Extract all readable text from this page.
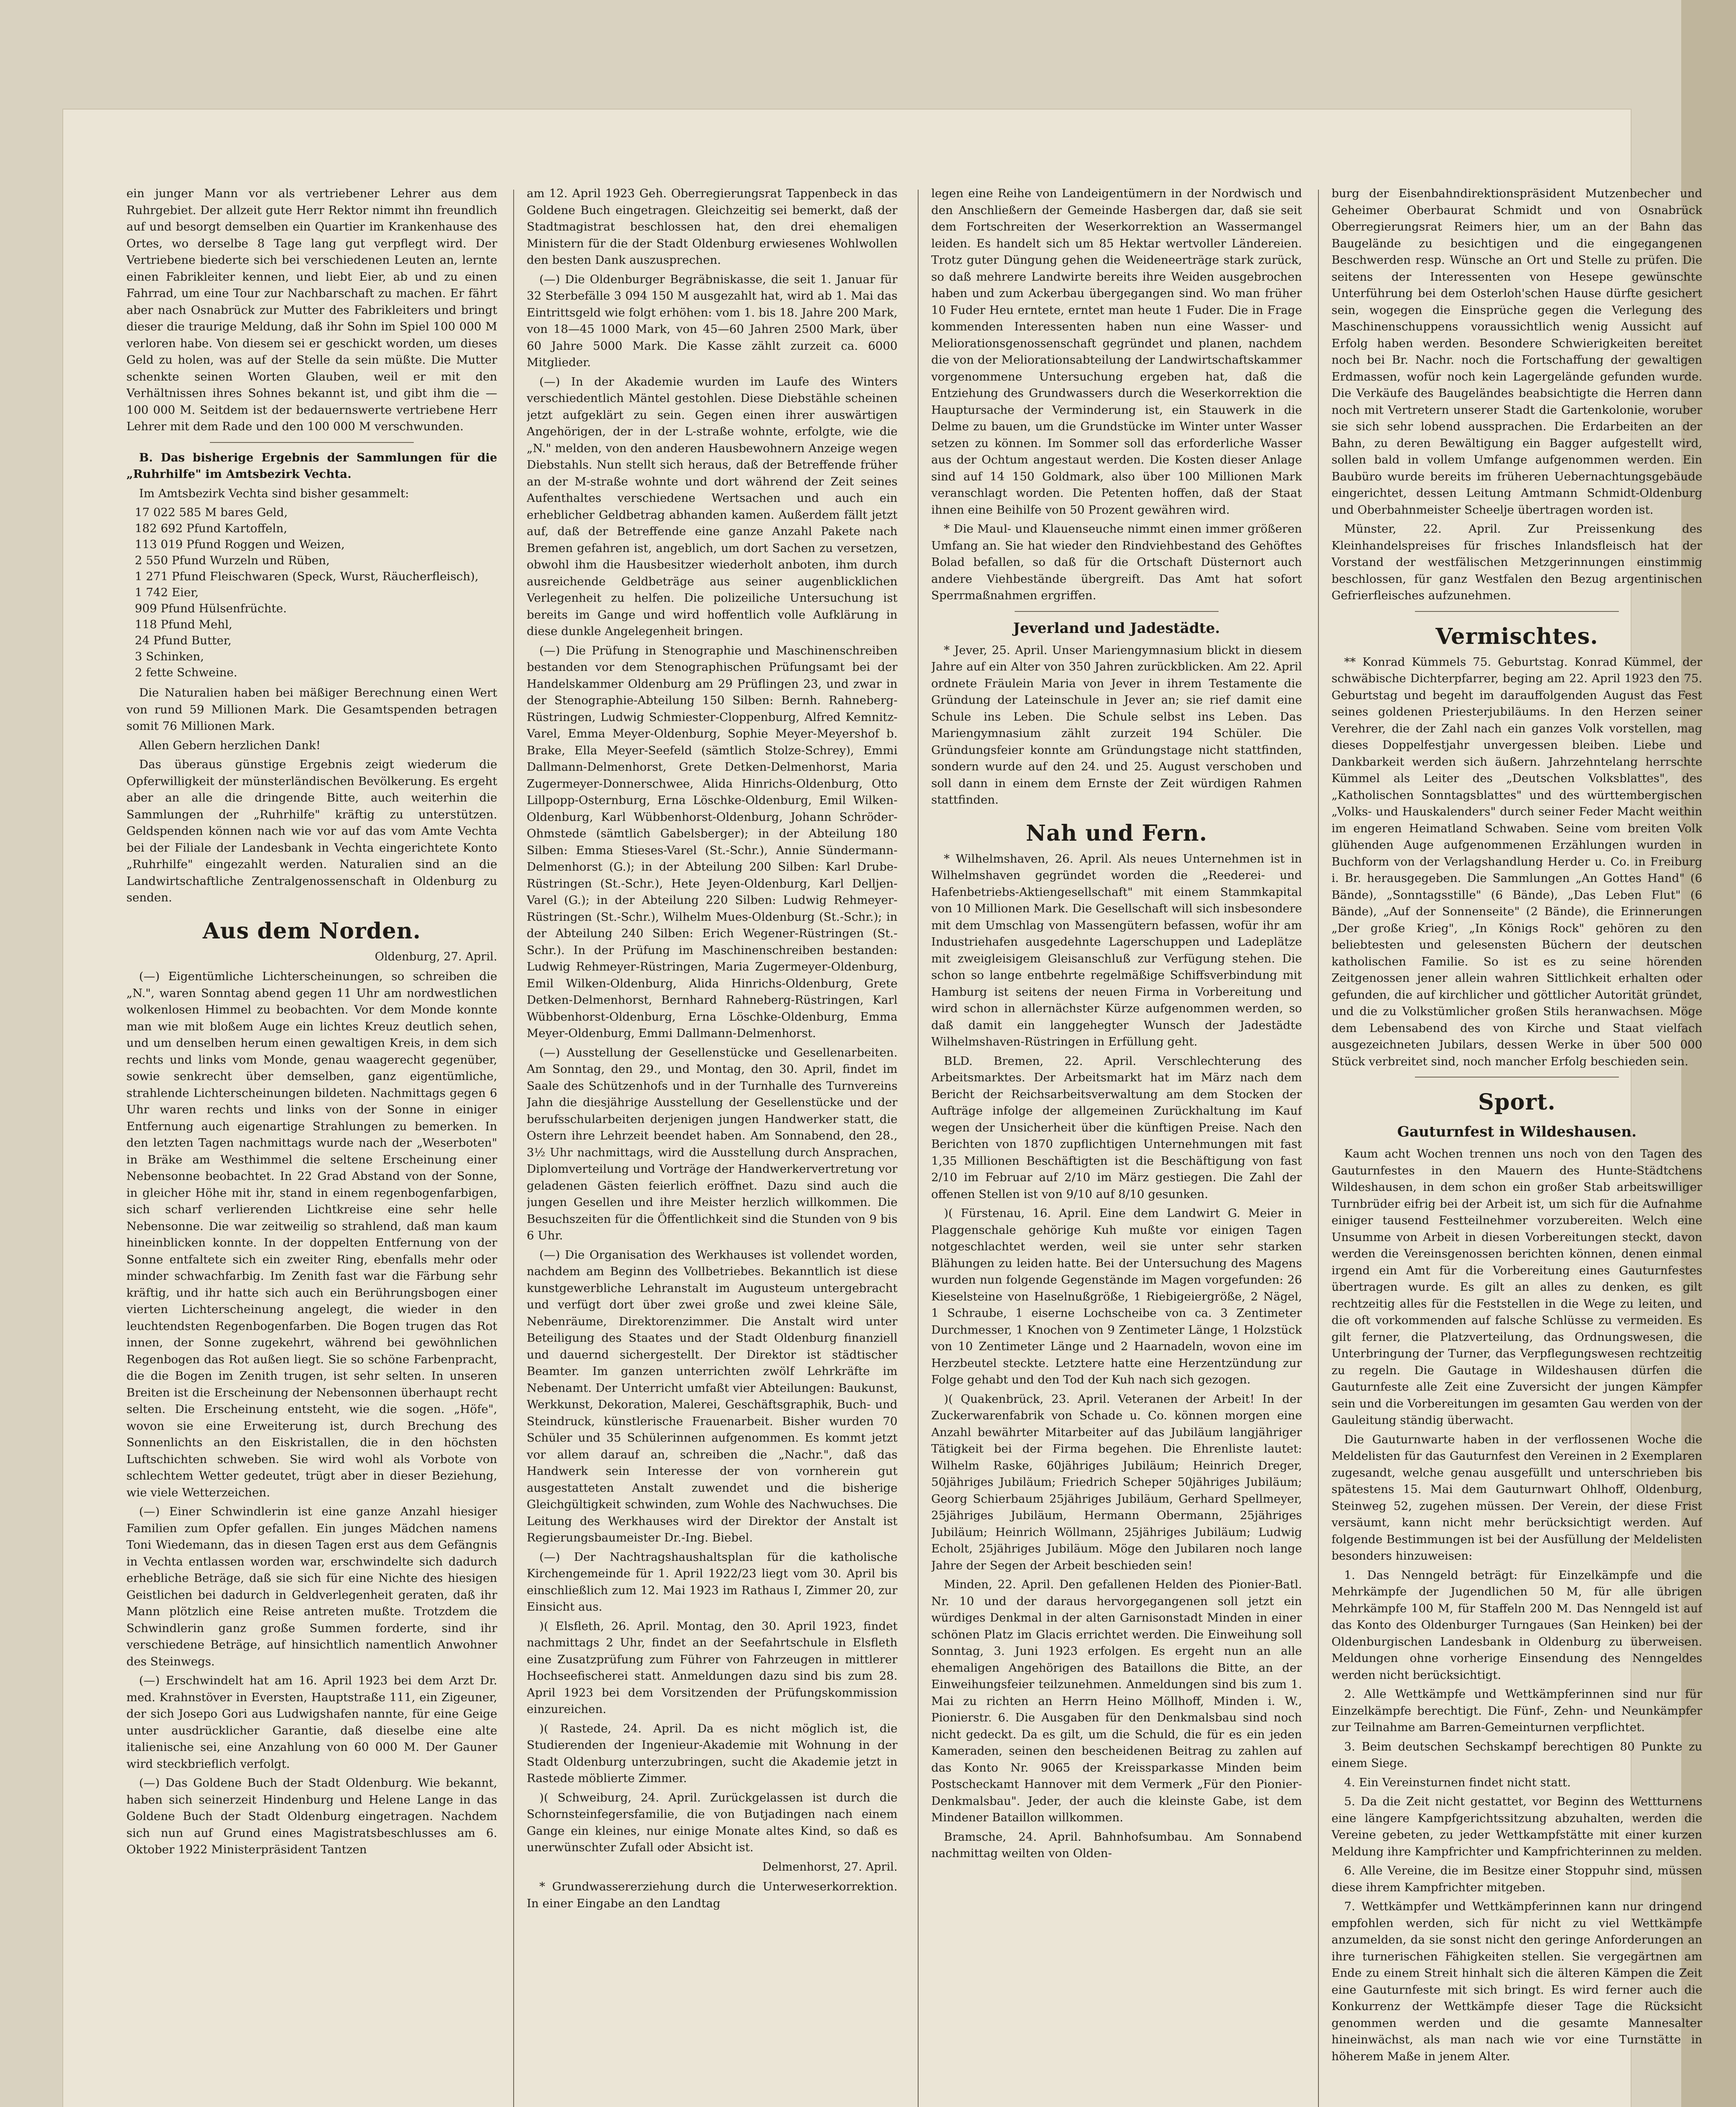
ein junger Mann vor als vertriebener Lehrer aus dem Ruhrgebiet. Der allzeit gute Herr Rektor nimmt ihn freundlich auf und besorgt demselben ein Quartier im Krankenhause des Ortes, wo derselbe 8 Tage lang gut verpflegt wird. Der Vertriebene biederte sich bei verschiedenen Leuten an, lernte einen Fabrikleiter kennen, und liebt Eier, ab und zu einen Fahrrad, um eine Tour zur Nachbarschaft zu machen. Er fährt aber nach Osnabrück zur Mutter des Fabrikleiters und bringt dieser die traurige Meldung, daß ihr Sohn im Spiel 100 000 M verloren habe. Von diesem sei er geschickt worden, um dieses Geld zu holen, was auf der Stelle da sein müßte. Die Mutter schenkte seinen Worten Glauben, weil er mit den Verhältnissen ihres Sohnes bekannt ist, und gibt ihm die — 100 000 M. Seitdem ist der bedauernswerte vertriebene Herr Lehrer mit dem Rade und den 100 000 M verschwunden.

B. Das bisherige Ergebnis der Sammlungen für die „Ruhrhilfe" im Amtsbezirk Vechta.

Im Amtsbezirk Vechta sind bisher gesammelt:

17 022 585 M bares Geld,
182 692 Pfund Kartoffeln,
113 019 Pfund Roggen und Weizen,
2 550 Pfund Wurzeln und Rüben,
1 271 Pfund Fleischwaren (Speck, Wurst, Räucherfleisch),
1 742 Eier,
909 Pfund Hülsenfrüchte.
118 Pfund Mehl,
24 Pfund Butter,
3 Schinken,
2 fette Schweine.

Die Naturalien haben bei mäßiger Berechnung einen Wert von rund 59 Millionen Mark. Die Gesamtspenden betragen somit 76 Millionen Mark.

Allen Gebern herzlichen Dank!

Das überaus günstige Ergebnis zeigt wiederum die Opferwilligkeit der münsterländischen Bevölkerung. Es ergeht aber an alle die dringende Bitte, auch weiterhin die Sammlungen der „Ruhrhilfe" kräftig zu unterstützen. Geldspenden können nach wie vor auf das vom Amte Vechta bei der Filiale der Landesbank in Vechta eingerichtete Konto „Ruhrhilfe" eingezahlt werden. Naturalien sind an die Landwirtschaftliche Zentralgenossenschaft in Oldenburg zu senden.

Aus dem Norden.
Oldenburg, 27. April.

(—) Eigentümliche Lichterscheinungen, so schreiben die „N.", waren Sonntag abend gegen 11 Uhr am nordwestlichen wolkenlosen Himmel zu beobachten. Vor dem Monde konnte man wie mit bloßem Auge ein lichtes Kreuz deutlich sehen, und um denselben herum einen gewaltigen Kreis, in dem sich rechts und links vom Monde, genau waagerecht gegenüber, sowie senkrecht über demselben, ganz eigentümliche, strahlende Lichterscheinungen bildeten. Nachmittags gegen 6 Uhr waren rechts und links von der Sonne in einiger Entfernung auch eigenartige Strahlungen zu bemerken. In den letzten Tagen nachmittags wurde nach der „Weserboten" in Bräke am Westhimmel die seltene Erscheinung einer Nebensonne beobachtet. In 22 Grad Abstand von der Sonne, in gleicher Höhe mit ihr, stand in einem regenbogenfarbigen, sich scharf verlierenden Lichtkreise eine sehr helle Nebensonne. Die war zeitweilig so strahlend, daß man kaum hineinblicken konnte. In der doppelten Entfernung von der Sonne entfaltete sich ein zweiter Ring, ebenfalls mehr oder minder schwachfarbig. Im Zenith fast war die Färbung sehr kräftig, und ihr hatte sich auch ein Berührungsbogen einer vierten Lichterscheinung angelegt, die wieder in den leuchtendsten Regenbogenfarben. Die Bogen trugen das Rot innen, der Sonne zugekehrt, während bei gewöhnlichen Regenbogen das Rot außen liegt. Sie so schöne Farbenpracht, die die Bogen im Zenith trugen, ist sehr selten. In unseren Breiten ist die Erscheinung der Nebensonnen überhaupt recht selten. Die Erscheinung entsteht, wie die sogen. „Höfe", wovon sie eine Erweiterung ist, durch Brechung des Sonnenlichts an den Eiskristallen, die in den höchsten Luftschichten schweben. Sie wird wohl als Vorbote von schlechtem Wetter gedeutet, trügt aber in dieser Beziehung, wie viele Wetterzeichen.

(—) Einer Schwindlerin ist eine ganze Anzahl hiesiger Familien zum Opfer gefallen. Ein junges Mädchen namens Toni Wiedemann, das in diesen Tagen erst aus dem Gefängnis in Vechta entlassen worden war, erschwindelte sich dadurch erhebliche Beträge, daß sie sich für eine Nichte des hiesigen Geistlichen bei dadurch in Geldverlegenheit geraten, daß ihr Mann plötzlich eine Reise antreten mußte. Trotzdem die Schwindlerin ganz große Summen forderte, sind ihr verschiedene Beträge, auf hinsichtlich namentlich Anwohner des Steinwegs.

(—) Erschwindelt hat am 16. April 1923 bei dem Arzt Dr. med. Krahnstöver in Eversten, Hauptstraße 111, ein Zigeuner, der sich Josepo Gori aus Ludwigshafen nannte, für eine Geige unter ausdrücklicher Garantie, daß dieselbe eine alte italienische sei, eine Anzahlung von 60 000 M. Der Gauner wird steckbrieflich verfolgt.

(—) Das Goldene Buch der Stadt Oldenburg. Wie bekannt, haben sich seinerzeit Hindenburg und Helene Lange in das Goldene Buch der Stadt Oldenburg eingetragen. Nachdem sich nun auf Grund eines Magistratsbeschlusses am 6. Oktober 1922 Ministerpräsident Tantzen

am 12. April 1923 Geh. Oberregierungsrat Tappenbeck in das Goldene Buch eingetragen. Gleichzeitig sei bemerkt, daß der Stadtmagistrat beschlossen hat, den drei ehemaligen Ministern für die der Stadt Oldenburg erwiesenes Wohlwollen den besten Dank auszusprechen.

(—) Die Oldenburger Begräbniskasse, die seit 1. Januar für 32 Sterbefälle 3 094 150 M ausgezahlt hat, wird ab 1. Mai das Eintrittsgeld wie folgt erhöhen: vom 1. bis 18. Jahre 200 Mark, von 18—45 1000 Mark, von 45—60 Jahren 2500 Mark, über 60 Jahre 5000 Mark. Die Kasse zählt zurzeit ca. 6000 Mitglieder.

(—) In der Akademie wurden im Laufe des Winters verschiedentlich Mäntel gestohlen. Diese Diebstähle scheinen jetzt aufgeklärt zu sein. Gegen einen ihrer auswärtigen Angehörigen, der in der L-straße wohnte, erfolgte, wie die „N." melden, von den anderen Hausbewohnern Anzeige wegen Diebstahls. Nun stellt sich heraus, daß der Betreffende früher an der M-straße wohnte und dort während der Zeit seines Aufenthaltes verschiedene Wertsachen und auch ein erheblicher Geldbetrag abhanden kamen. Außerdem fällt jetzt auf, daß der Betreffende eine ganze Anzahl Pakete nach Bremen gefahren ist, angeblich, um dort Sachen zu versetzen, obwohl ihm die Hausbesitzer wiederholt anboten, ihm durch ausreichende Geldbeträge aus seiner augenblicklichen Verlegenheit zu helfen. Die polizeiliche Untersuchung ist bereits im Gange und wird hoffentlich volle Aufklärung in diese dunkle Angelegenheit bringen.

(—) Die Prüfung in Stenographie und Maschinenschreiben bestanden vor dem Stenographischen Prüfungsamt bei der Handelskammer Oldenburg am 29 Prüflingen 23, und zwar in der Stenographie-Abteilung 150 Silben: Bernh. Rahneberg-Rüstringen, Ludwig Schmiester-Cloppenburg, Alfred Kemnitz-Varel, Emma Meyer-Oldenburg, Sophie Meyer-Meyershof b. Brake, Ella Meyer-Seefeld (sämtlich Stolze-Schrey), Emmi Dallmann-Delmenhorst, Grete Detken-Delmenhorst, Maria Zugermeyer-Donnerschwee, Alida Hinrichs-Oldenburg, Otto Lillpopp-Osternburg, Erna Löschke-Oldenburg, Emil Wilken-Oldenburg, Karl Wübbenhorst-Oldenburg, Johann Schröder-Ohmstede (sämtlich Gabelsberger); in der Abteilung 180 Silben: Emma Stieses-Varel (St.-Schr.), Annie Sündermann-Delmenhorst (G.); in der Abteilung 200 Silben: Karl Drube-Rüstringen (St.-Schr.), Hete Jeyen-Oldenburg, Karl Delljen-Varel (G.); in der Abteilung 220 Silben: Ludwig Rehmeyer-Rüstringen (St.-Schr.), Wilhelm Mues-Oldenburg (St.-Schr.); in der Abteilung 240 Silben: Erich Wegener-Rüstringen (St.-Schr.). In der Prüfung im Maschinenschreiben bestanden: Ludwig Rehmeyer-Rüstringen, Maria Zugermeyer-Oldenburg, Emil Wilken-Oldenburg, Alida Hinrichs-Oldenburg, Grete Detken-Delmenhorst, Bernhard Rahneberg-Rüstringen, Karl Wübbenhorst-Oldenburg, Erna Löschke-Oldenburg, Emma Meyer-Oldenburg, Emmi Dallmann-Delmenhorst.

(—) Ausstellung der Gesellenstücke und Gesellenarbeiten. Am Sonntag, den 29., und Montag, den 30. April, findet im Saale des Schützenhofs und in der Turnhalle des Turnvereins Jahn die diesjährige Ausstellung der Gesellenstücke und der berufsschularbeiten derjenigen jungen Handwerker statt, die Ostern ihre Lehrzeit beendet haben. Am Sonnabend, den 28., 3½ Uhr nachmittags, wird die Ausstellung durch Ansprachen, Diplomverteilung und Vorträge der Handwerkervertretung vor geladenen Gästen feierlich eröffnet. Dazu sind auch die jungen Gesellen und ihre Meister herzlich willkommen. Die Besuchszeiten für die Öffentlichkeit sind die Stunden von 9 bis 6 Uhr.

(—) Die Organisation des Werkhauses ist vollendet worden, nachdem am Beginn des Vollbetriebes. Bekanntlich ist diese kunstgewerbliche Lehranstalt im Augusteum untergebracht und verfügt dort über zwei große und zwei kleine Säle, Nebenräume, Direktorenzimmer. Die Anstalt wird unter Beteiligung des Staates und der Stadt Oldenburg finanziell und dauernd sichergestellt. Der Direktor ist städtischer Beamter. Im ganzen unterrichten zwölf Lehrkräfte im Nebenamt. Der Unterricht umfaßt vier Abteilungen: Baukunst, Werkkunst, Dekoration, Malerei, Geschäftsgraphik, Buch- und Steindruck, künstlerische Frauenarbeit. Bisher wurden 70 Schüler und 35 Schülerinnen aufgenommen. Es kommt jetzt vor allem darauf an, schreiben die „Nachr.", daß das Handwerk sein Interesse der von vornherein gut ausgestatteten Anstalt zuwendet und die bisherige Gleichgültigkeit schwinden, zum Wohle des Nachwuchses. Die Leitung des Werkhauses wird der Direktor der Anstalt ist Regierungsbaumeister Dr.-Ing. Biebel.

(—) Der Nachtragshaushaltsplan für die katholische Kirchengemeinde für 1. April 1922/23 liegt vom 30. April bis einschließlich zum 12. Mai 1923 im Rathaus I, Zimmer 20, zur Einsicht aus.

)( Elsfleth, 26. April. Montag, den 30. April 1923, findet nachmittags 2 Uhr, findet an der Seefahrtschule in Elsfleth eine Zusatzprüfung zum Führer von Fahrzeugen in mittlerer Hochseefischerei statt. Anmeldungen dazu sind bis zum 28. April 1923 bei dem Vorsitzenden der Prüfungskommission einzureichen.

)( Rastede, 24. April. Da es nicht möglich ist, die Studierenden der Ingenieur-Akademie mit Wohnung in der Stadt Oldenburg unterzubringen, sucht die Akademie jetzt in Rastede möblierte Zimmer.

)( Schweiburg, 24. April. Zurückgelassen ist durch die Schornsteinfegersfamilie, die von Butjadingen nach einem Gange ein kleines, nur einige Monate altes Kind, so daß es unerwünschter Zufall oder Absicht ist.

Delmenhorst, 27. April.

* Grundwassererziehung durch die Unterweserkorrektion. In einer Eingabe an den Landtag

legen eine Reihe von Landeigentümern in der Nordwisch und den Anschließern der Gemeinde Hasbergen dar, daß sie seit dem Fortschreiten der Weserkorrektion an Wassermangel leiden. Es handelt sich um 85 Hektar wertvoller Ländereien. Trotz guter Düngung gehen die Weideneerträge stark zurück, so daß mehrere Landwirte bereits ihre Weiden ausgebrochen haben und zum Ackerbau übergegangen sind. Wo man früher 10 Fuder Heu erntete, erntet man heute 1 Fuder. Die in Frage kommenden Interessenten haben nun eine Wasser- und Meliorationsgenossenschaft gegründet und planen, nachdem die von der Meliorationsabteilung der Landwirtschaftskammer vorgenommene Untersuchung ergeben hat, daß die Entziehung des Grundwassers durch die Weserkorrektion die Hauptursache der Verminderung ist, ein Stauwerk in die Delme zu bauen, um die Grundstücke im Winter unter Wasser setzen zu können. Im Sommer soll das erforderliche Wasser aus der Ochtum angestaut werden. Die Kosten dieser Anlage sind auf 14 150 Goldmark, also über 100 Millionen Mark veranschlagt worden. Die Petenten hoffen, daß der Staat ihnen eine Beihilfe von 50 Prozent gewähren wird.

* Die Maul- und Klauenseuche nimmt einen immer größeren Umfang an. Sie hat wieder den Rindviehbestand des Gehöftes Bolad befallen, so daß für die Ortschaft Düsternort auch andere Viehbestände übergreift. Das Amt hat sofort Sperrmaßnahmen ergriffen.

Jeverland und Jadestädte.

* Jever, 25. April. Unser Mariengymnasium blickt in diesem Jahre auf ein Alter von 350 Jahren zurückblicken. Am 22. April ordnete Fräulein Maria von Jever in ihrem Testamente die Gründung der Lateinschule in Jever an; sie rief damit eine Schule ins Leben. Die Schule selbst ins Leben. Das Mariengymnasium zählt zurzeit 194 Schüler. Die Gründungsfeier konnte am Gründungstage nicht stattfinden, sondern wurde auf den 24. und 25. August verschoben und soll dann in einem dem Ernste der Zeit würdigen Rahmen stattfinden.

Nah und Fern.

* Wilhelmshaven, 26. April. Als neues Unternehmen ist in Wilhelmshaven gegründet worden die „Reederei- und Hafenbetriebs-Aktiengesellschaft" mit einem Stammkapital von 10 Millionen Mark. Die Gesellschaft will sich insbesondere mit dem Umschlag von Massengütern befassen, wofür ihr am Industriehafen ausgedehnte Lagerschuppen und Ladeplätze mit zweigleisigem Gleisanschluß zur Verfügung stehen. Die schon so lange entbehrte regelmäßige Schiffsverbindung mit Hamburg ist seitens der neuen Firma in Vorbereitung und wird schon in allernächster Kürze aufgenommen werden, so daß damit ein langgehegter Wunsch der Jadestädte Wilhelmshaven-Rüstringen in Erfüllung geht.

BLD. Bremen, 22. April. Verschlechterung des Arbeitsmarktes. Der Arbeitsmarkt hat im März nach dem Bericht der Reichsarbeitsverwaltung am dem Stocken der Aufträge infolge der allgemeinen Zurückhaltung im Kauf wegen der Unsicherheit über die künftigen Preise. Nach den Berichten von 1870 zupflichtigen Unternehmungen mit fast 1,35 Millionen Beschäftigten ist die Beschäftigung von fast 2/10 im Februar auf 2/10 im März gestiegen. Die Zahl der offenen Stellen ist von 9/10 auf 8/10 gesunken.

)( Fürstenau, 16. April. Eine dem Landwirt G. Meier in Plaggenschale gehörige Kuh mußte vor einigen Tagen notgeschlachtet werden, weil sie unter sehr starken Blähungen zu leiden hatte. Bei der Untersuchung des Magens wurden nun folgende Gegenstände im Magen vorgefunden: 26 Kieselsteine von Haselnußgröße, 1 Riebigeiergröße, 2 Nägel, 1 Schraube, 1 eiserne Lochscheibe von ca. 3 Zentimeter Durchmesser, 1 Knochen von 9 Zentimeter Länge, 1 Holzstück von 10 Zentimeter Länge und 2 Haarnadeln, wovon eine im Herzbeutel steckte. Letztere hatte eine Herzentzündung zur Folge gehabt und den Tod der Kuh nach sich gezogen.

)( Quakenbrück, 23. April. Veteranen der Arbeit! In der Zuckerwarenfabrik von Schade u. Co. können morgen eine Anzahl bewährter Mitarbeiter auf das Jubiläum langjähriger Tätigkeit bei der Firma begehen. Die Ehrenliste lautet: Wilhelm Raske, 60jähriges Jubiläum; Heinrich Dreger, 50jähriges Jubiläum; Friedrich Scheper 50jähriges Jubiläum; Georg Schierbaum 25jähriges Jubiläum, Gerhard Spellmeyer, 25jähriges Jubiläum, Hermann Obermann, 25jähriges Jubiläum; Heinrich Wöllmann, 25jähriges Jubiläum; Ludwig Echolt, 25jähriges Jubiläum. Möge den Jubilaren noch lange Jahre der Segen der Arbeit beschieden sein!

Minden, 22. April. Den gefallenen Helden des Pionier-Batl. Nr. 10 und der daraus hervorgegangenen soll jetzt ein würdiges Denkmal in der alten Garnisonstadt Minden in einer schönen Platz im Glacis errichtet werden. Die Einweihung soll Sonntag, 3. Juni 1923 erfolgen. Es ergeht nun an alle ehemaligen Angehörigen des Bataillons die Bitte, an der Einweihungsfeier teilzunehmen. Anmeldungen sind bis zum 1. Mai zu richten an Herrn Heino Möllhoff, Minden i. W., Pionierstr. 6. Die Ausgaben für den Denkmalsbau sind noch nicht gedeckt. Da es gilt, um die Schuld, die für es ein jeden Kameraden, seinen den bescheidenen Beitrag zu zahlen auf das Konto Nr. 9065 der Kreissparkasse Minden beim Postscheckamt Hannover mit dem Vermerk „Für den Pionier-Denkmalsbau". Jeder, der auch die kleinste Gabe, ist dem Mindener Bataillon willkommen.

Bramsche, 24. April. Bahnhofsumbau. Am Sonnabend nachmittag weilten von Olden-

burg der Eisenbahndirektionspräsident Mutzenbecher und Geheimer Oberbaurat Schmidt und von Osnabrück Oberregierungsrat Reimers hier, um an der Bahn das Baugelände zu besichtigen und die eingegangenen Beschwerden resp. Wünsche an Ort und Stelle zu prüfen. Die seitens der Interessenten von Hesepe gewünschte Unterführung bei dem Osterloh'schen Hause dürfte gesichert sein, wogegen die Einsprüche gegen die Verlegung des Maschinenschuppens voraussichtlich wenig Aussicht auf Erfolg haben werden. Besondere Schwierigkeiten bereitet noch bei Br. Nachr. noch die Fortschaffung der gewaltigen Erdmassen, wofür noch kein Lagergelände gefunden wurde. Die Verkäufe des Baugeländes beabsichtigte die Herren dann noch mit Vertretern unserer Stadt die Gartenkolonie, woruber sie sich sehr lobend aussprachen. Die Erdarbeiten an der Bahn, zu deren Bewältigung ein Bagger aufgestellt wird, sollen bald in vollem Umfange aufgenommen werden. Ein Baubüro wurde bereits im früheren Uebernachtungsgebäude eingerichtet, dessen Leitung Amtmann Schmidt-Oldenburg und Oberbahnmeister Scheelje übertragen worden ist.

Münster, 22. April. Zur Preissenkung des Kleinhandelspreises für frisches Inlandsfleisch hat der Vorstand der westfälischen Metzgerinnungen einstimmig beschlossen, für ganz Westfalen den Bezug argentinischen Gefrierfleisches aufzunehmen.

Vermischtes.

** Konrad Kümmels 75. Geburtstag. Konrad Kümmel, der schwäbische Dichterpfarrer, beging am 22. April 1923 den 75. Geburtstag und begeht im darauffolgenden August das Fest seines goldenen Priesterjubiläums. In den Herzen seiner Verehrer, die der Zahl nach ein ganzes Volk vorstellen, mag dieses Doppelfestjahr unvergessen bleiben. Liebe und Dankbarkeit werden sich äußern. Jahrzehntelang herrschte Kümmel als Leiter des „Deutschen Volksblattes", des „Katholischen Sonntagsblattes" und des württembergischen „Volks- und Hauskalenders" durch seiner Feder Macht weithin im engeren Heimatland Schwaben. Seine vom breiten Volk glühenden Auge aufgenommenen Erzählungen wurden in Buchform von der Verlagshandlung Herder u. Co. in Freiburg i. Br. herausgegeben. Die Sammlungen „An Gottes Hand" (6 Bände), „Sonntagsstille" (6 Bände), „Das Leben Flut" (6 Bände), „Auf der Sonnenseite" (2 Bände), die Erinnerungen „Der große Krieg", „In Königs Rock" gehören zu den beliebtesten und gelesensten Büchern der deutschen katholischen Familie. So ist es zu seine hörenden Zeitgenossen jener allein wahren Sittlichkeit erhalten oder gefunden, die auf kirchlicher und göttlicher Autorität gründet, und die zu Volkstümlicher großen Stils heranwachsen. Möge dem Lebensabend des von Kirche und Staat vielfach ausgezeichneten Jubilars, dessen Werke in über 500 000 Stück verbreitet sind, noch mancher Erfolg beschieden sein.

Sport.
Gauturnfest in Wildeshausen.

Kaum acht Wochen trennen uns noch von den Tagen des Gauturnfestes in den Mauern des Hunte-Städtchens Wildeshausen, in dem schon ein großer Stab arbeitswilliger Turnbrüder eifrig bei der Arbeit ist, um sich für die Aufnahme einiger tausend Festteilnehmer vorzubereiten. Welch eine Unsumme von Arbeit in diesen Vorbereitungen steckt, davon werden die Vereinsgenossen berichten können, denen einmal irgend ein Amt für die Vorbereitung eines Gauturnfestes übertragen wurde. Es gilt an alles zu denken, es gilt rechtzeitig alles für die Feststellen in die Wege zu leiten, und die oft vorkommenden auf falsche Schlüsse zu vermeiden. Es gilt ferner, die Platzverteilung, das Ordnungswesen, die Unterbringung der Turner, das Verpflegungswesen rechtzeitig zu regeln. Die Gautage in Wildeshausen dürfen die Gauturnfeste alle Zeit eine Zuversicht der jungen Kämpfer sein und die Vorbereitungen im gesamten Gau werden von der Gauleitung ständig überwacht.

Die Gauturnwarte haben in der verflossenen Woche die Meldelisten für das Gauturnfest den Vereinen in 2 Exemplaren zugesandt, welche genau ausgefüllt und unterschrieben bis spätestens 15. Mai dem Gauturnwart Ohlhoff, Oldenburg, Steinweg 52, zugehen müssen. Der Verein, der diese Frist versäumt, kann nicht mehr berücksichtigt werden. Auf folgende Bestimmungen ist bei der Ausfüllung der Meldelisten besonders hinzuweisen:

1. Das Nenngeld beträgt: für Einzelkämpfe und die Mehrkämpfe der Jugendlichen 50 M, für alle übrigen Mehrkämpfe 100 M, für Staffeln 200 M. Das Nenngeld ist auf das Konto des Oldenburger Turngaues (San Heinken) bei der Oldenburgischen Landesbank in Oldenburg zu überweisen. Meldungen ohne vorherige Einsendung des Nenngeldes werden nicht berücksichtigt.

2. Alle Wettkämpfe und Wettkämpferinnen sind nur für Einzelkämpfe berechtigt. Die Fünf-, Zehn- und Neunkämpfer zur Teilnahme am Barren-Gemeinturnen verpflichtet.

3. Beim deutschen Sechskampf berechtigen 80 Punkte zu einem Siege.

4. Ein Vereinsturnen findet nicht statt.

5. Da die Zeit nicht gestattet, vor Beginn des Wettturnens eine längere Kampfgerichtssitzung abzuhalten, werden die Vereine gebeten, zu jeder Wettkampfstätte mit einer kurzen Meldung ihre Kampfrichter und Kampfrichterinnen zu melden.

6. Alle Vereine, die im Besitze einer Stoppuhr sind, müssen diese ihrem Kampfrichter mitgeben.

7. Wettkämpfer und Wettkämpferinnen kann nur dringend empfohlen werden, sich für nicht zu viel Wettkämpfe anzumelden, da sie sonst nicht den geringe Anforderungen an ihre turnerischen Fähigkeiten stellen. Sie vergegärtnen am Ende zu einem Streit hinhalt sich die älteren Kämpen die Zeit eine Gauturnfeste mit sich bringt. Es wird ferner auch die Konkurrenz der Wettkämpfe dieser Tage die Rücksicht genommen werden und die gesamte Mannesalter hineinwächst, als man nach wie vor eine Turnstätte in höherem Maße in jenem Alter.
